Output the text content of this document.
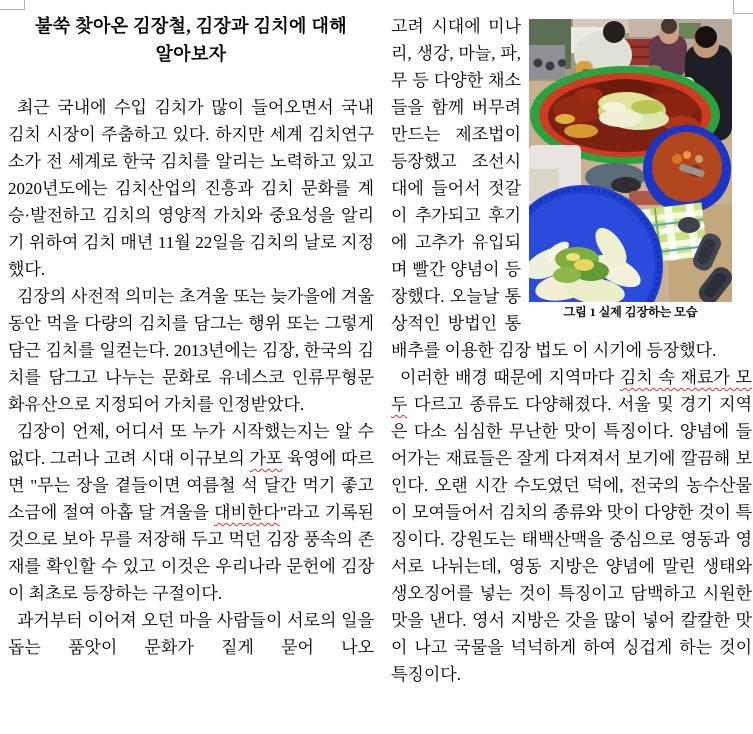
불쑥 찾아온 김장철, 김장과 김치에 대해
알아보자

최근 국내에 수입 김치가 많이 들어오면서 국내 김치 시장이 주춤하고 있다. 하지만 세계 김치연구소가 전 세계로 한국 김치를 알리는 노력하고 있고 2020년도에는 김치산업의 진흥과 김치 문화를 계승·발전하고 김치의 영양적 가치와 중요성을 알리기 위하여 김치 매년 11월 22일을 김치의 날로 지정했다.

김장의 사전적 의미는 초겨울 또는 늦가을에 겨울 동안 먹을 다량의 김치를 담그는 행위 또는 그렇게 담근 김치를 일컫는다. 2013년에는 김장, 한국의 김치를 담그고 나누는 문화로 유네스코 인류무형문화유산으로 지정되어 가치를 인정받았다.

김장이 언제, 어디서 또 누가 시작했는지는 알 수 없다. 그러나 고려 시대 이규보의 가포 육영에 따르면 "무는 장을 곁들이면 여름철 석 달간 먹기 좋고 소금에 절여 아홉 달 겨울을 대비한다"라고 기록된 것으로 보아 무를 저장해 두고 먹던 김장 풍속의 존재를 확인할 수 있고 이것은 우리나라 문헌에 김장이 최초로 등장하는 구절이다.

과거부터 이어져 오던 마을 사람들이 서로의 일을 돕는 품앗이 문화가 짙게 묻어 나오

그림 1 실제 김장하는 모습

고려 시대에 미나리, 생강, 마늘, 파, 무 등 다양한 채소들을 함께 버무려 만드는 제조법이 등장했고 조선시대에 들어서 젓갈이 추가되고 후기에 고추가 유입되며 빨간 양념이 등장했다. 오늘날 통상적인 방법인 통배추를 이용한 김장 법도 이 시기에 등장했다.

이러한 배경 때문에 지역마다 김치 속 재료가 모두 다르고 종류도 다양해졌다. 서울 및 경기 지역은 다소 심심한 무난한 맛이 특징이다. 양념에 들어가는 재료들은 잘게 다져져서 보기에 깔끔해 보인다. 오랜 시간 수도였던 덕에, 전국의 농수산물이 모여들어서 김치의 종류와 맛이 다양한 것이 특징이다. 강원도는 태백산맥을 중심으로 영동과 영서로 나뉘는데, 영동 지방은 양념에 말린 생태와 생오징어를 넣는 것이 특징이고 담백하고 시원한 맛을 낸다. 영서 지방은 갓을 많이 넣어 칼칼한 맛이 나고 국물을 넉넉하게 하여 싱겁게 하는 것이 특징이다.
